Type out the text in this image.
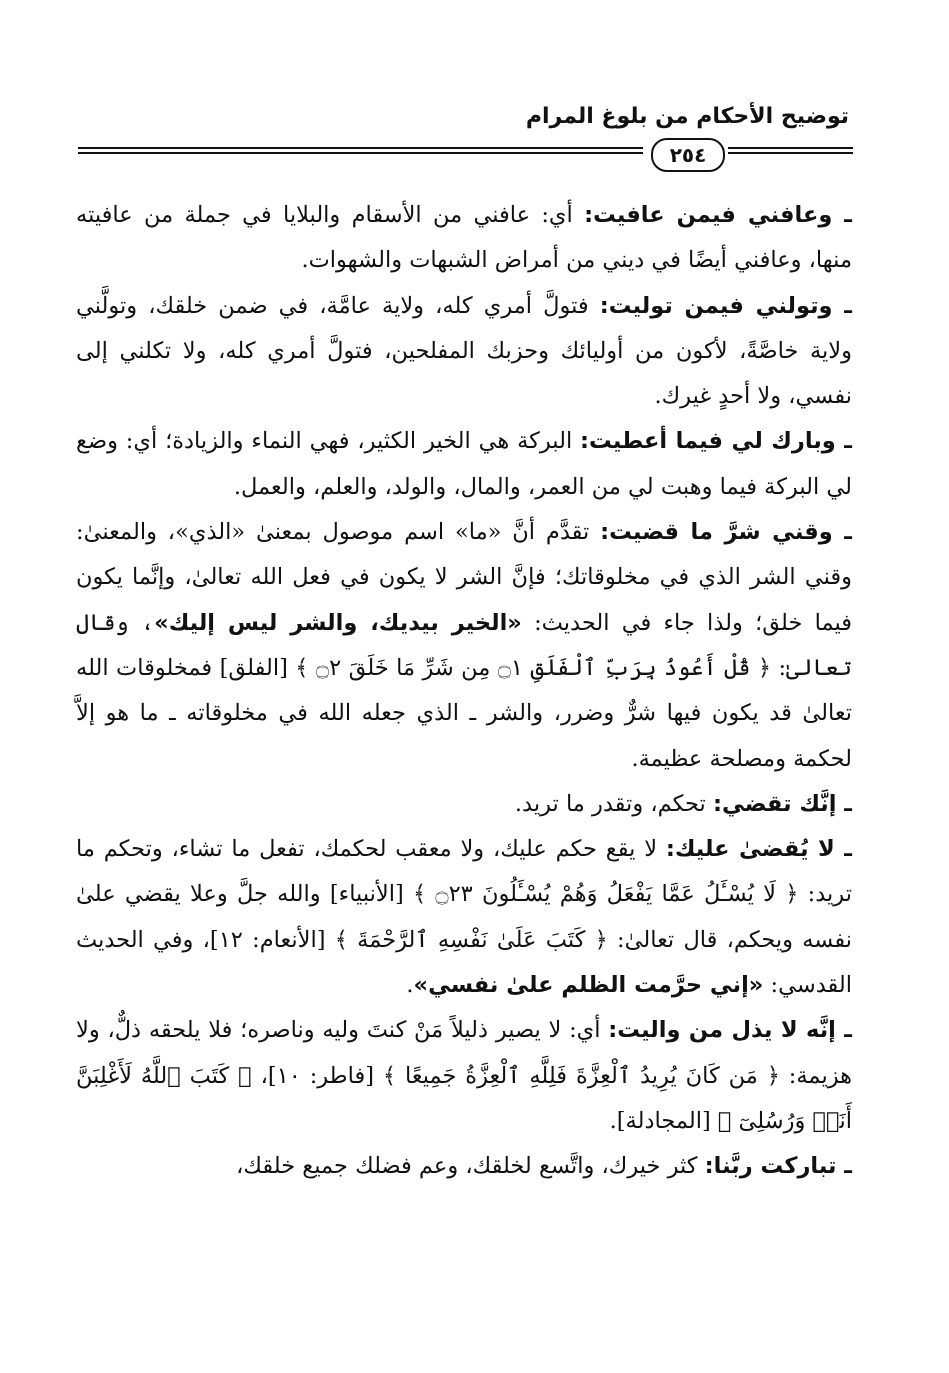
توضيح الأحكام من بلوغ المرام
٢٥٤

ـ وعافني فيمن عافيت: أي: عافني من الأسقام والبلايا في جملة من عافيته منها، وعافني أيضًا في ديني من أمراض الشبهات والشهوات.

ـ وتولني فيمن توليت: فتولَّ أمري كله، ولاية عامَّة، في ضمن خلقك، وتولَّني ولاية خاصَّةً، لأكون من أوليائك وحزبك المفلحين، فتولَّ أمري كله، ولا تكلني إلى نفسي، ولا أحدٍ غيرك.

ـ وبارك لي فيما أعطيت: البركة هي الخير الكثير، فهي النماء والزيادة؛ أي: وضع لي البركة فيما وهبت لي من العمر، والمال، والولد، والعلم، والعمل.

ـ وقني شرَّ ما قضيت: تقدَّم أنَّ «ما» اسم موصول بمعنىٰ «الذي»، والمعنىٰ: وقني الشر الذي في مخلوقاتك؛ فإنَّ الشر لا يكون في فعل الله تعالىٰ، وإنَّما يكون فيما خلق؛ ولذا جاء في الحديث: «الخير بيديك، والشر ليس إليك»، وقال تعالىٰ: ﴿ قُلْ أَعُوذُ بِرَبِّ ٱلْفَلَقِ ۝١ مِن شَرِّ مَا خَلَقَ ۝٢ ﴾ [الفلق] فمخلوقات الله تعالىٰ قد يكون فيها شرٌّ وضرر، والشر ـ الذي جعله الله في مخلوقاته ـ ما هو إلاَّ لحكمة ومصلحة عظيمة.

ـ إنَّك تقضي: تحكم، وتقدر ما تريد.

ـ لا يُقضىٰ عليك: لا يقع حكم عليك، ولا معقب لحكمك، تفعل ما تشاء، وتحكم ما تريد: ﴿ لَا يُسْـَٔلُ عَمَّا يَفْعَلُ وَهُمْ يُسْـَٔلُونَ ۝٢٣ ﴾ [الأنبياء] والله جلَّ وعلا يقضي علىٰ نفسه ويحكم، قال تعالىٰ: ﴿ كَتَبَ عَلَىٰ نَفْسِهِ ٱلرَّحْمَةَ ﴾ [الأنعام: ١٢]، وفي الحديث القدسي: «إني حرَّمت الظلم علىٰ نفسي».

ـ إنَّه لا يذل من واليت: أي: لا يصير ذليلاً مَنْ كنتَ وليه وناصره؛ فلا يلحقه ذلٌّ، ولا هزيمة: ﴿ مَن كَانَ يُرِيدُ ٱلْعِزَّةَ فَلِلَّهِ ٱلْعِزَّةُ جَمِيعًا ﴾ [فاطر: ١٠]، ﴿ كَتَبَ ٱللَّهُ لَأَغْلِبَنَّ أَنَا۠ وَرُسُلِىٓ ﴾ [المجادلة].

ـ تباركت ربَّنا: كثر خيرك، واتَّسع لخلقك، وعم فضلك جميع خلقك،
